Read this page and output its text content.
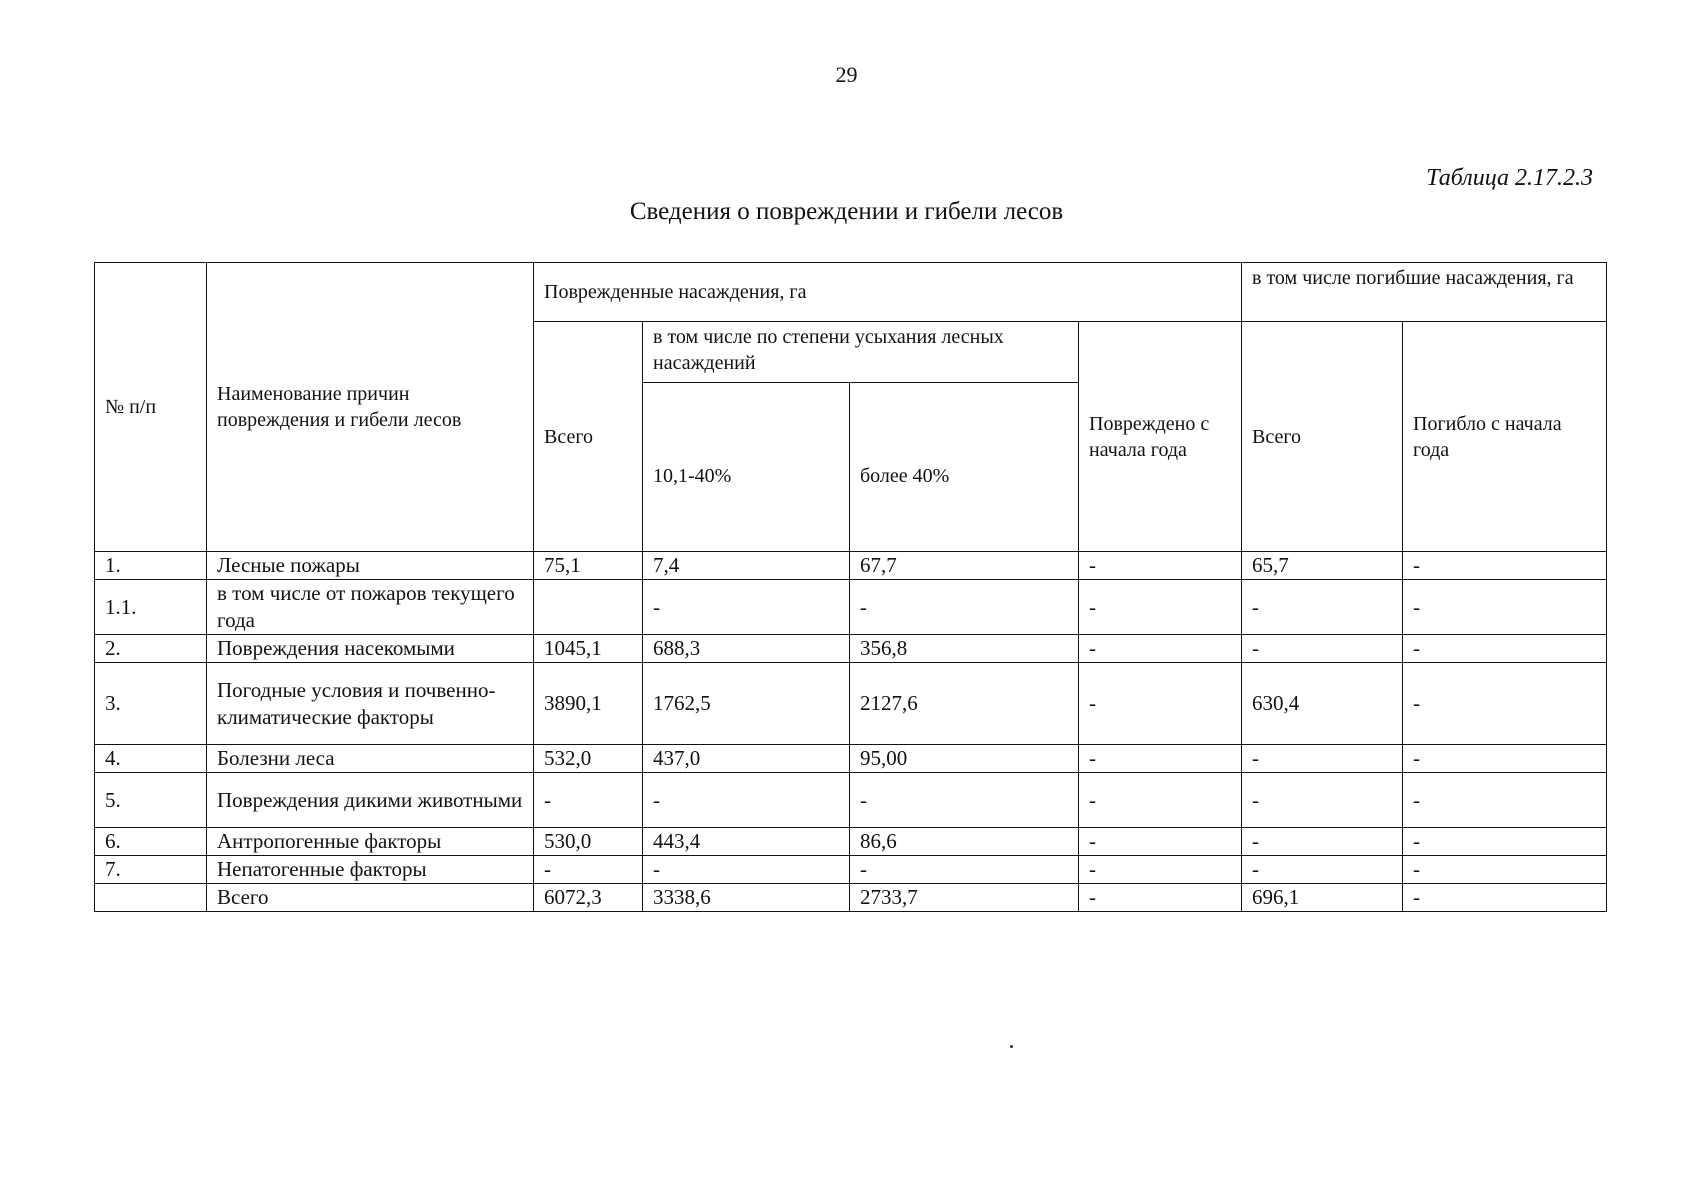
29
Таблица 2.17.2.3
Сведения о повреждении и гибели лесов
№ п/п	Наименование причин повреждения и гибели лесов	Поврежденные насаждения, га				в том числе погибшие насаждения, га	
		Всего	в том числе по степени усыхания лесных насаждений		Повреждено с начала года	Всего	Погибло с начала года
			10,1-40%	более 40%			
1.	Лесные пожары	75,1	7,4	67,7	-	65,7	-
1.1.	в том числе от пожаров текущего года		-	-	-	-	-
2.	Повреждения насекомыми	1045,1	688,3	356,8	-	-	-
3.	Погодные условия и почвенно-климатические факторы	3890,1	1762,5	2127,6	-	630,4	-
4.	Болезни леса	532,0	437,0	95,00	-	-	-
5.	Повреждения дикими животными	-	-	-	-	-	-
6.	Антропогенные факторы	530,0	443,4	86,6	-	-	-
7.	Непатогенные факторы	-	-	-	-	-	-
	Всего	6072,3	3338,6	2733,7	-	696,1	-
